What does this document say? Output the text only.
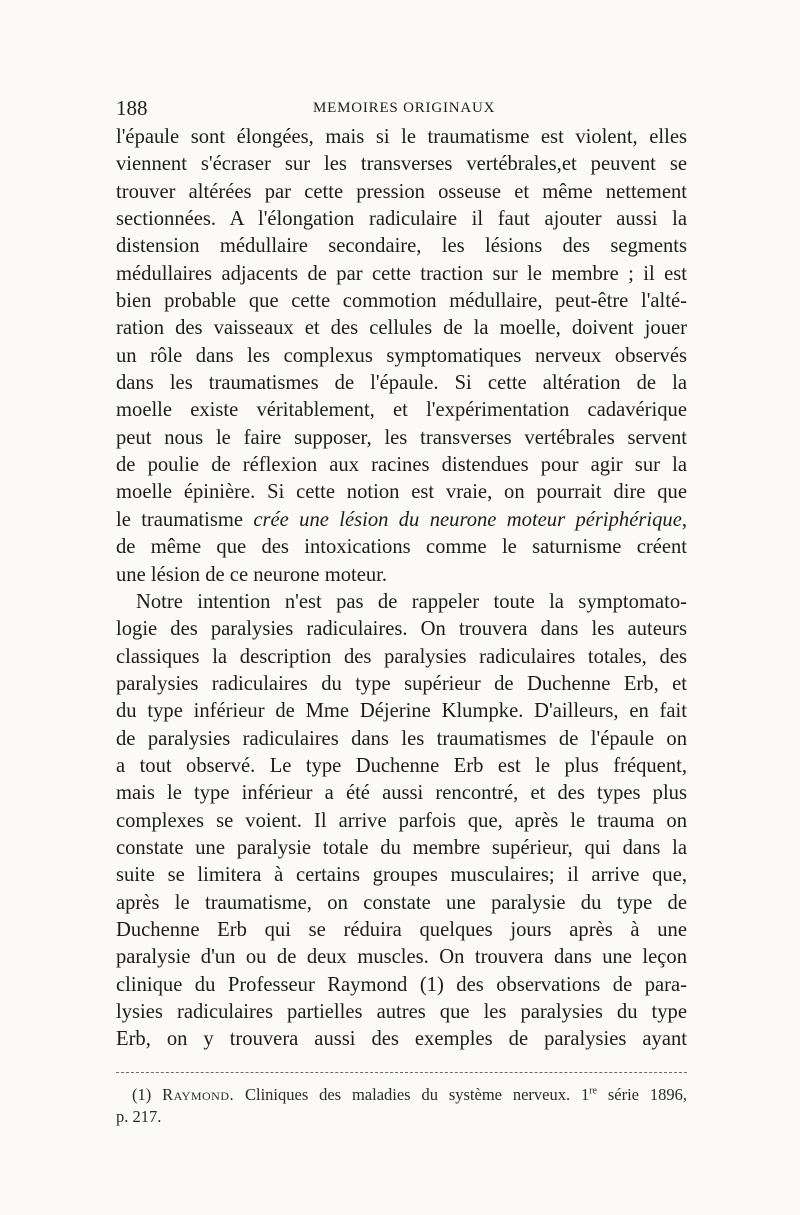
188	MEMOIRES ORIGINAUX
l'épaule sont élongées, mais si le traumatisme est violent, elles
viennent s'écraser sur les transverses vertébrales,et peuvent se
trouver altérées par cette pression osseuse et même nettement
sectionnées. A l'élongation radiculaire il faut ajouter aussi la
distension médullaire secondaire, les lésions des segments
médullaires adjacents de par cette traction sur le membre ; il est
bien probable que cette commotion médullaire, peut-être l'alté-
ration des vaisseaux et des cellules de la moelle, doivent jouer
un rôle dans les complexus symptomatiques nerveux observés
dans les traumatismes de l'épaule. Si cette altération de la
moelle existe véritablement, et l'expérimentation cadavérique
peut nous le faire supposer, les transverses vertébrales servent
de poulie de réflexion aux racines distendues pour agir sur la
moelle épinière. Si cette notion est vraie, on pourrait dire que
le traumatisme crée une lésion du neurone moteur périphérique,
de même que des intoxications comme le saturnisme créent
une lésion de ce neurone moteur.
Notre intention n'est pas de rappeler toute la symptomato-
logie des paralysies radiculaires. On trouvera dans les auteurs
classiques la description des paralysies radiculaires totales, des
paralysies radiculaires du type supérieur de Duchenne Erb, et
du type inférieur de Mme Déjerine Klumpke. D'ailleurs, en fait
de paralysies radiculaires dans les traumatismes de l'épaule on
a tout observé. Le type Duchenne Erb est le plus fréquent,
mais le type inférieur a été aussi rencontré, et des types plus
complexes se voient. Il arrive parfois que, après le trauma on
constate une paralysie totale du membre supérieur, qui dans la
suite se limitera à certains groupes musculaires; il arrive que,
après le traumatisme, on constate une paralysie du type de
Duchenne Erb qui se réduira quelques jours après à une
paralysie d'un ou de deux muscles. On trouvera dans une leçon
clinique du Professeur Raymond (1) des observations de para-
lysies radiculaires partielles autres que les paralysies du type
Erb, on y trouvera aussi des exemples de paralysies ayant
(1) Raymond. Cliniques des maladies du système nerveux. 1re série 1896,
p. 217.
